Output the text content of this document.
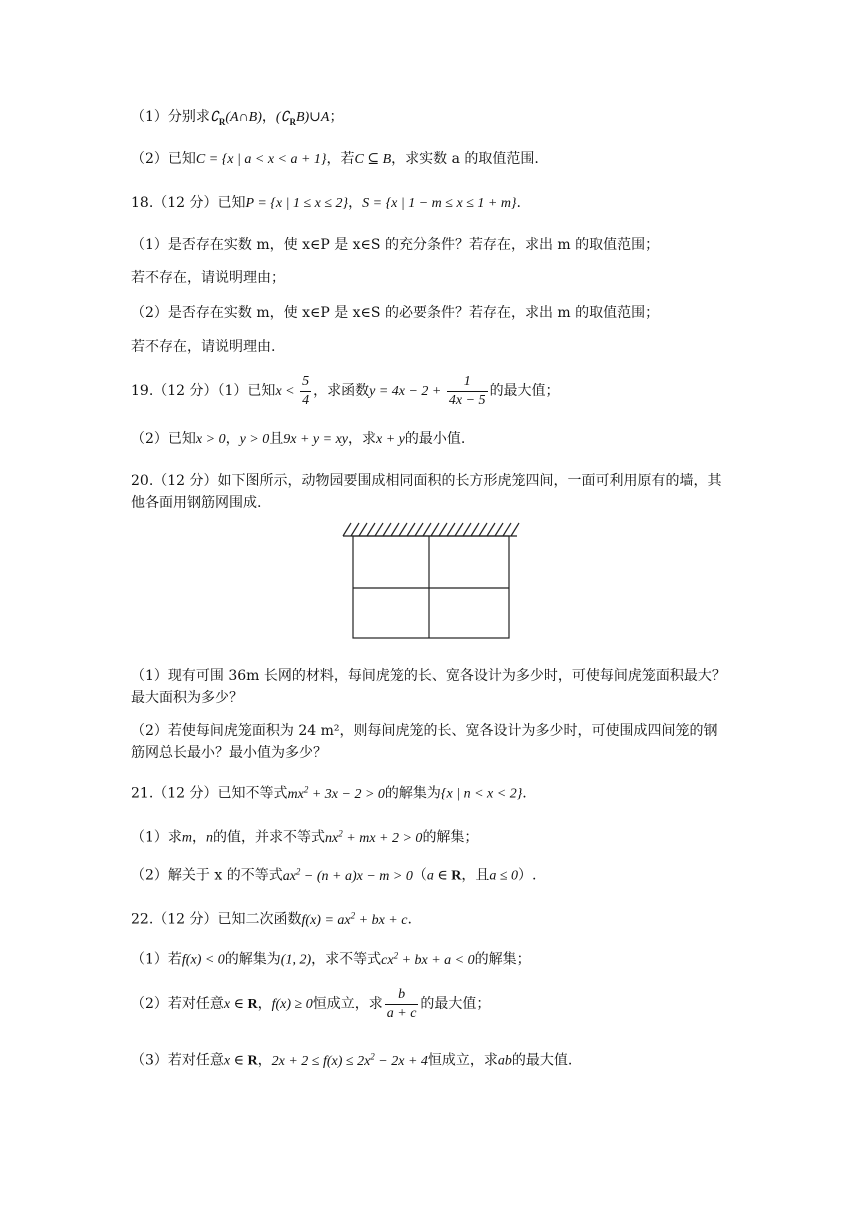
（1）分别求$∁_R(A\cap B)$，$(∁_RB)\cup A$；
（2）已知C = {x | a < x < a + 1}，若C ⊆ B，求实数 a 的取值范围.
18.（12 分）已知P = {x | 1 ≤ x ≤ 2}，S = {x | 1 − m ≤ x ≤ 1 + m}.
（1）是否存在实数 m，使 x∈P 是 x∈S 的充分条件？若存在，求出 m 的取值范围；
若不存在，请说明理由；
（2）是否存在实数 m，使 x∈P 是 x∈S 的必要条件？若存在，求出 m 的取值范围；
若不存在，请说明理由.
19.（12 分）（1）已知$x < \frac{5}{4}$ ，求函数$y = 4x - 2 + \frac{1}{4x - 5}$ 的最大值；
（2）已知x > 0，y > 0且9x + y = xy，求x + y的最小值.
20.（12 分）如下图所示，动物园要围成相同面积的长方形虎笼四间，一面可利用原有的墙，其他各面用钢筋网围成.
（1）现有可围 36m 长网的材料，每间虎笼的长、宽各设计为多少时，可使每间虎笼面积最大？最大面积为多少？
（2）若使每间虎笼面积为 24 m²，则每间虎笼的长、宽各设计为多少时，可使围成四间笼的钢筋网总长最小？最小值为多少？
21.（12 分）已知不等式$mx^2 + 3x - 2 > 0$的解集为{x | n < x < 2}.
（1）求m，n的值，并求不等式$nx^2$ + mx + 2 > 0的解集；
（2）解关于 x 的不等式$ax^2 - (n + a)x - m > 0(a$ ∈ R，且a ≤ 0）.
22.（12 分）已知二次函数$f(x) = ax^2$ + bx + c.
（1）若f(x) < 0的解集为(1, 2)，求不等式$cx^2$ + bx + a < 0的解集；
（2）若对任意x ∈ R，f(x) ≥ 0恒成立，求 $\frac{b}{a + c}$ 的最大值；
（3）若对任意x ∈ R，$2x + 2 \le f(x) \le 2x^2 - 2x + 4$恒成立，求ab的最大值.
